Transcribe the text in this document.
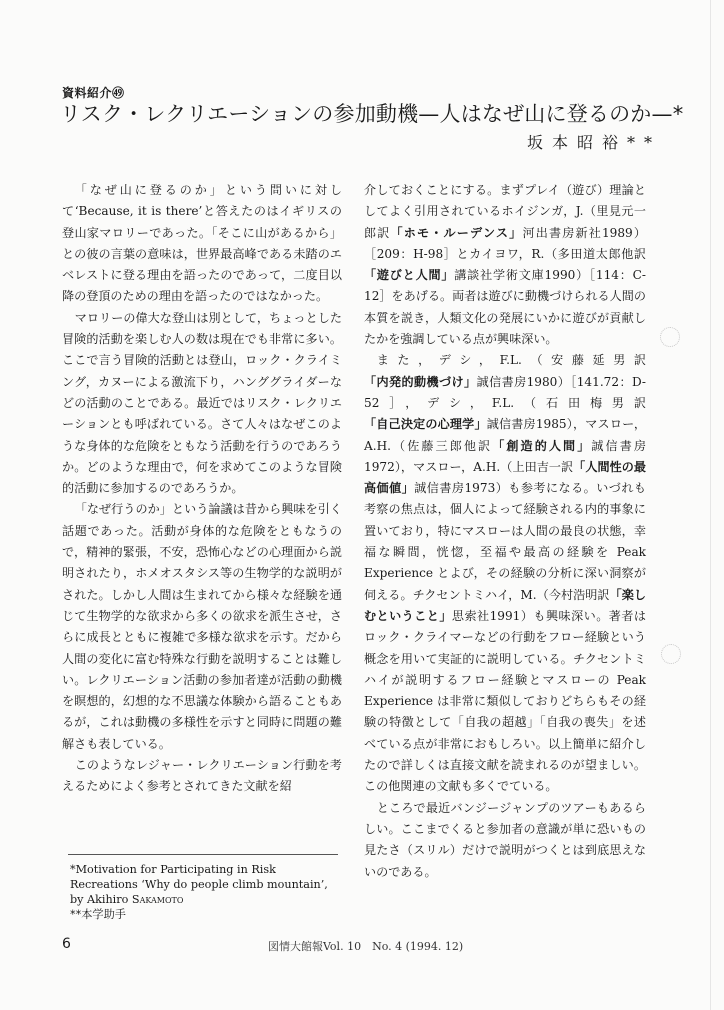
資料紹介㊾
リスク・レクリエーションの参加動機—人はなぜ山に登るのか—*
坂本昭裕**

「なぜ山に登るのか」という問いに対して‘Because, it is there’と答えたのはイギリスの登山家マロリーであった。「そこに山があるから」との彼の言葉の意味は，世界最高峰である未踏のエベレストに登る理由を語ったのであって，二度目以降の登頂のための理由を語ったのではなかった。

マロリーの偉大な登山は別として，ちょっとした冒険的活動を楽しむ人の数は現在でも非常に多い。ここで言う冒険的活動とは登山，ロック・クライミング，カヌーによる激流下り，ハンググライダーなどの活動のことである。最近ではリスク・レクリエーションとも呼ばれている。さて人々はなぜこのような身体的な危険をともなう活動を行うのであろうか。どのような理由で，何を求めてこのような冒険的活動に参加するのであろうか。

「なぜ行うのか」という論議は昔から興味を引く話題であった。活動が身体的な危険をともなうので，精神的緊張，不安，恐怖心などの心理面から説明されたり，ホメオスタシス等の生物学的な説明がされた。しかし人間は生まれてから様々な経験を通じて生物学的な欲求から多くの欲求を派生させ，さらに成長とともに複雑で多様な欲求を示す。だから人間の変化に富む特殊な行動を説明することは難しい。レクリエーション活動の参加者達が活動の動機を瞑想的，幻想的な不思議な体験から語ることもあるが，これは動機の多様性を示すと同時に問題の難解さも表している。

このようなレジャー・レクリエーション行動を考えるためによく参考とされてきた文献を紹

介しておくことにする。まずプレイ（遊び）理論としてよく引用されているホイジンガ，J.（里見元一郎訳「ホモ・ルーデンス」河出書房新社1989）［209：H-98］とカイヨワ，R.（多田道太郎他訳「遊びと人間」講談社学術文庫1990）［114：C-12］をあげる。両者は遊びに動機づけられる人間の本質を説き，人類文化の発展にいかに遊びが貢献したかを強調している点が興味深い。

また，デシ，F.L.（安藤延男訳「内発的動機づけ」誠信書房1980）［141.72：D-52］，デシ，F.L.（石田梅男訳「自己決定の心理学」誠信書房1985），マスロー，A.H.（佐藤三郎他訳「創造的人間」誠信書房1972），マスロー，A.H.（上田吉一訳「人間性の最高価値」誠信書房1973）も参考になる。いづれも考察の焦点は，個人によって経験される内的事象に置いており，特にマスローは人間の最良の状態，幸福な瞬間，恍惚，至福や最高の経験を Peak Experience とよび，その経験の分析に深い洞察が伺える。チクセントミハイ，M.（今村浩明訳「楽しむということ」思索社1991）も興味深い。著者はロック・クライマーなどの行動をフロー経験という概念を用いて実証的に説明している。チクセントミハイが説明するフロー経験とマスローの Peak Experience は非常に類似しておりどちらもその経験の特徴として「自我の超越」「自我の喪失」を述べている点が非常におもしろい。以上簡単に紹介したので詳しくは直接文献を読まれるのが望ましい。この他関連の文献も多くでている。

ところで最近バンジージャンプのツアーもあるらしい。ここまでくると参加者の意識が単に恐いもの見たさ（スリル）だけで説明がつくとは到底思えないのである。

*Motivation for Participating in Risk Recreations ‘Why do people climb mountain’, by Akihiro Sakamoto
**本学助手
6	図情大館報Vol. 10　No. 4 (1994. 12)
